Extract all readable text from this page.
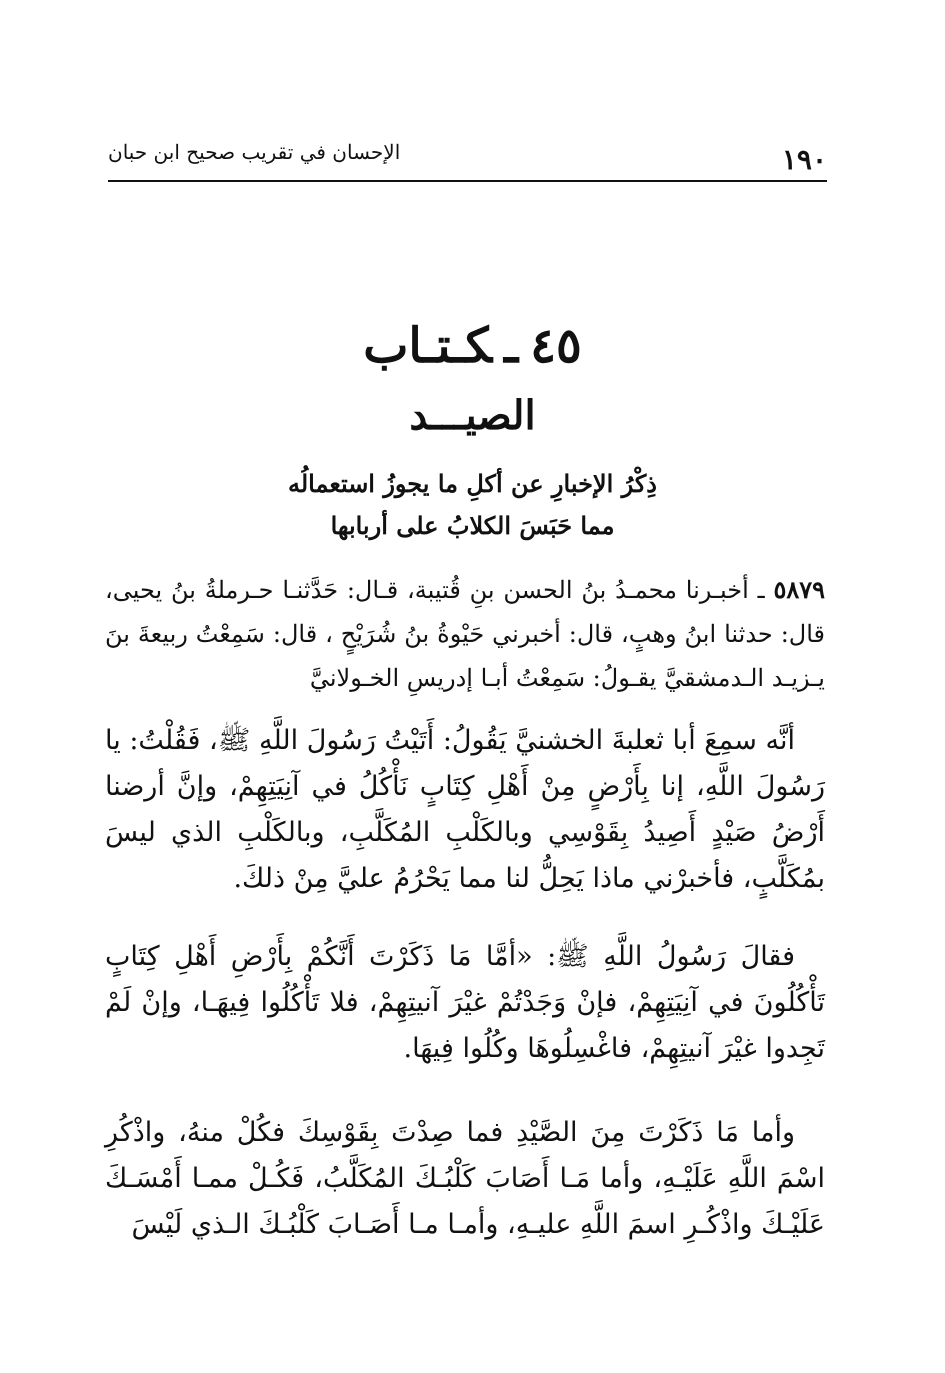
١٩٠
الإحسان في تقريب صحيح ابن حبان
٤٥ـكـتـاب
الصيـــد
ذِكْرُ الإخبارِ عن أكلِ ما يجوزُ استعمالُه
مما حَبَسَ الكلابُ على أربابها
٥٨٧٩ ـ أخبـرنا محمـدُ بنُ الحسن بنِ قُتيبة، قـال: حَدَّثنـا حـرملةُ بنُ يحيى، قال: حدثنا ابنُ وهبٍ، قال: أخبرني حَيْوةُ بنُ شُرَيْحٍ ، قال: سَمِعْتُ ربيعةَ بنَ يـزيـد الـدمشقيَّ يقـولُ: سَمِعْتُ أبـا إدريسِ الخـولانيَّ
أنَّه سمِعَ أبا ثعلبةَ الخشنيَّ يَقُولُ: أَتَيْتُ رَسُولَ اللَّهِ ﷺ، فَقُلْتُ: يا رَسُولَ اللَّهِ، إنا بِأَرْضٍ مِنْ أَهْلِ كِتَابٍ نَأْكُلُ في آنِيَتِهِمْ، وإنَّ أرضنا أَرْضُ صَيْدٍ أَصِيدُ بِقَوْسِي وبالكَلْبِ المُكَلَّبِ، وبالكَلْبِ الذي ليسَ بمُكَلَّبٍ، فأخبرْني ماذا يَحِلُّ لنا مما يَحْرُمُ عليَّ مِنْ ذلكَ.
فقالَ رَسُولُ اللَّهِ ﷺ: «أمَّا مَا ذَكَرْتَ أَنَّكُمْ بِأَرْضِ أَهْلِ كِتَابٍ تَأْكُلُونَ في آنِيَتِهِمْ، فإنْ وَجَدْتُمْ غيْرَ آنيتِهِمْ، فلا تَأْكُلُوا فِيهَـا، وإنْ لَمْ تَجِدوا غيْرَ آنيتِهِمْ، فاغْسِلُوهَا وكُلُوا فِيهَا.
وأما مَا ذَكَرْتَ مِنَ الصَّيْدِ فما صِدْتَ بِقَوْسِكَ فكُلْ منهُ، واذْكُرِ اسْمَ اللَّهِ عَلَيْـهِ، وأما مَـا أَصَابَ كَلْبُـكَ المُكَلَّبُ، فَكُـلْ ممـا أَمْسَـكَ عَلَيْـكَ واذْكُـرِ اسمَ اللَّهِ عليـهِ، وأمـا مـا أَصَـابَ كَلْبُـكَ الـذي لَيْسَ
